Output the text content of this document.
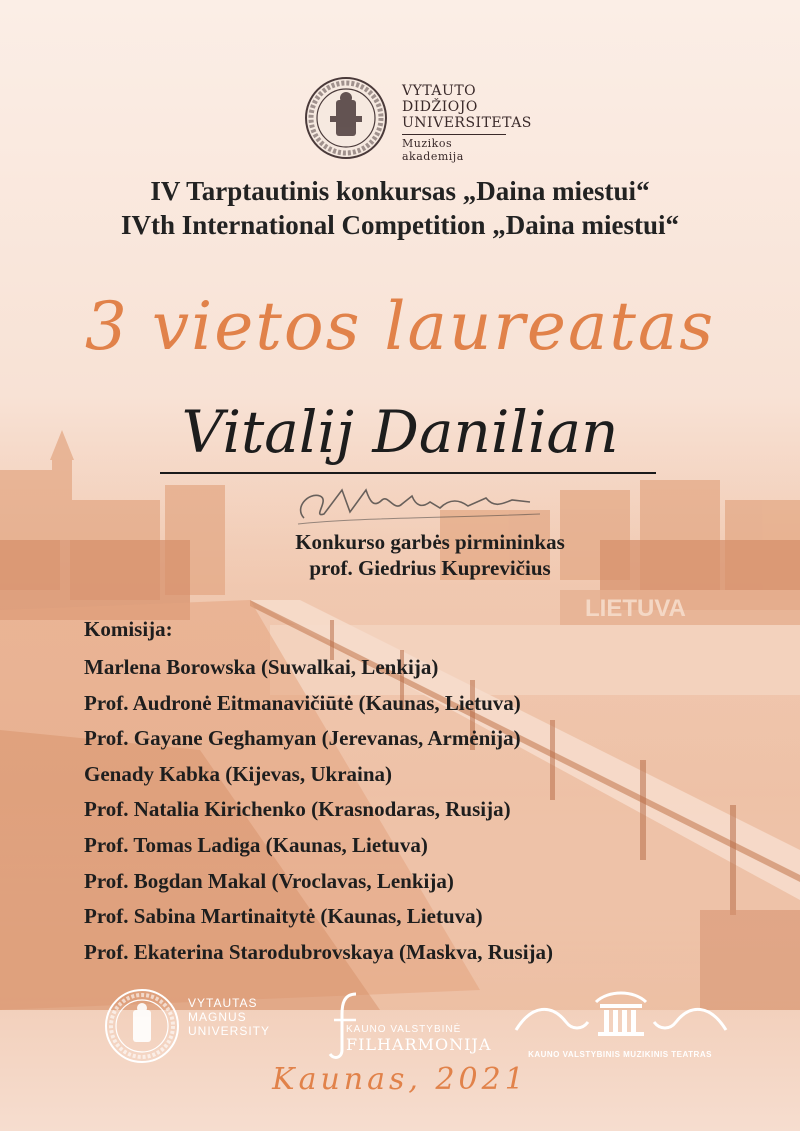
LIETUVA
VYTAUTO
DIDŽIOJO
UNIVERSITETAS
Muzikos
akademija
IV Tarptautinis konkursas „Daina miestui“
IVth International Competition „Daina miestui“
3 vietos laureatas
Vitalij Danilian
Konkurso garbės pirmininkas
prof. Giedrius Kuprevičius
Komisija:
Marlena Borowska (Suwalkai, Lenkija)
Prof. Audronė Eitmanavičiūtė (Kaunas, Lietuva)
Prof. Gayane Geghamyan (Jerevanas, Armėnija)
Genady Kabka (Kijevas, Ukraina)
Prof. Natalia Kirichenko (Krasnodaras, Rusija)
Prof. Tomas Ladiga (Kaunas, Lietuva)
Prof. Bogdan Makal (Vroclavas, Lenkija)
Prof. Sabina Martinaitytė (Kaunas, Lietuva)
Prof. Ekaterina Starodubrovskaya (Maskva, Rusija)
VYTAUTAS
MAGNUS
UNIVERSITY	KAUNO VALSTYBINĖ
FILHARMONIJA
KAUNO VALSTYBINIS MUZIKINIS TEATRAS
Kaunas, 2021
